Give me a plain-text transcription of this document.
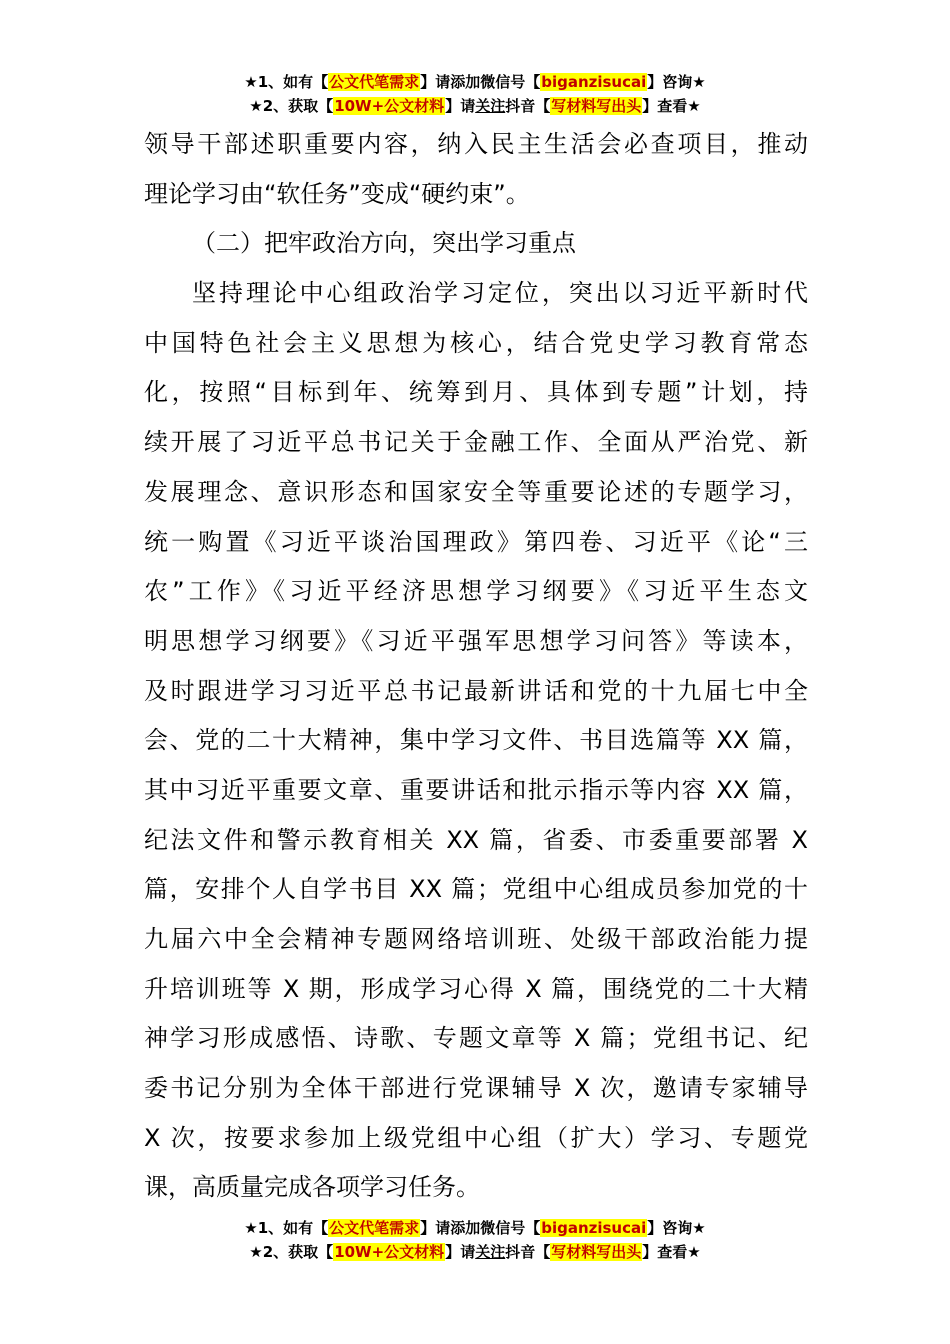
★1、如有【公文代笔需求】请添加微信号【biganzisucai】咨询★
★2、获取【10W+公文材料】请关注抖音【写材料写出头】查看★
领导干部述职重要内容，纳入民主生活会必查项目，推动
理论学习由“软任务”变成“硬约束”。
（二）把牢政治方向，突出学习重点
坚持理论中心组政治学习定位，突出以习近平新时代
中国特色社会主义思想为核心，结合党史学习教育常态
化，按照“目标到年、统筹到月、具体到专题”计划，持
续开展了习近平总书记关于金融工作、全面从严治党、新
发展理念、意识形态和国家安全等重要论述的专题学习，
统一购置《习近平谈治国理政》第四卷、习近平《论“三
农”工作》《习近平经济思想学习纲要》《习近平生态文
明思想学习纲要》《习近平强军思想学习问答》等读本，
及时跟进学习习近平总书记最新讲话和党的十九届七中全
会、党的二十大精神，集中学习文件、书目选篇等 XX 篇，
其中习近平重要文章、重要讲话和批示指示等内容 XX 篇，
纪法文件和警示教育相关 XX 篇，省委、市委重要部署 X
篇，安排个人自学书目 XX 篇；党组中心组成员参加党的十
九届六中全会精神专题网络培训班、处级干部政治能力提
升培训班等 X 期，形成学习心得 X 篇，围绕党的二十大精
神学习形成感悟、诗歌、专题文章等 X 篇；党组书记、纪
委书记分别为全体干部进行党课辅导 X 次，邀请专家辅导
X 次，按要求参加上级党组中心组（扩大）学习、专题党
课，高质量完成各项学习任务。
★1、如有【公文代笔需求】请添加微信号【biganzisucai】咨询★
★2、获取【10W+公文材料】请关注抖音【写材料写出头】查看★
